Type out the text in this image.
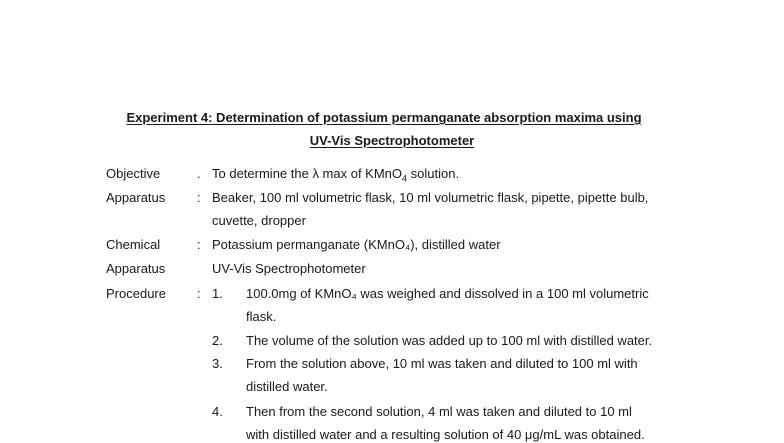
Experiment 4: Determination of potassium permanganate absorption maxima using
UV-Vis Spectrophotometer
Objective	. To determine the λ max of KMnO$_4$ solution.
Apparatus : Beaker, 100 ml volumetric flask, 10 ml volumetric flask, pipette, pipette bulb,
cuvette, dropper
Chemical	: Potassium permanganate (KMnO₄), distilled water
Apparatus	UV-Vis Spectrophotometer
Procedure : 1. 100.0mg of KMnO₄ was weighed and dissolved in a 100 ml volumetric
flask.
2. The volume of the solution was added up to 100 ml with distilled water.
3. From the solution above, 10 ml was taken and diluted to 100 ml with
distilled water.
4. Then from the second solution, 4 ml was taken and diluted to 10 ml
with distilled water and a resulting solution of 40 μg/mL was obtained.
